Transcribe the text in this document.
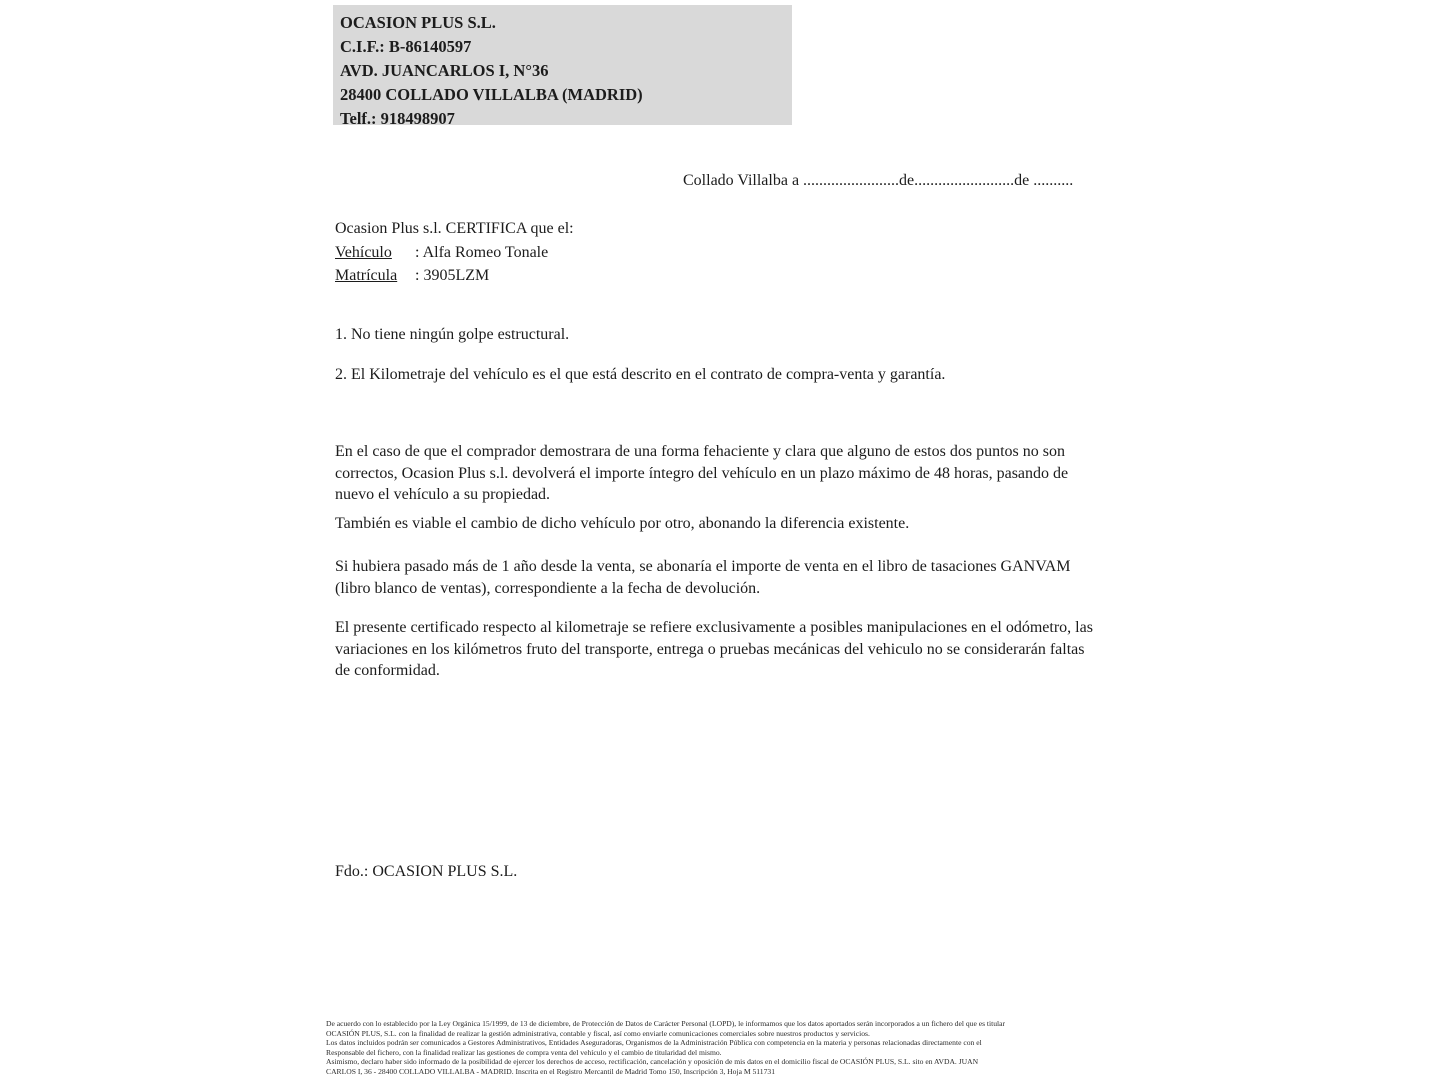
OCASION PLUS S.L.
C.I.F.: B-86140597
AVD. JUANCARLOS I, N°36
28400 COLLADO VILLALBA (MADRID)
Telf.: 918498907
Collado Villalba a ........................de.........................de ..........
Ocasion Plus s.l. CERTIFICA que el:
Vehículo	: Alfa Romeo Tonale
Matrícula	: 3905LZM
1. No tiene ningún golpe estructural.
2. El Kilometraje del vehículo es el que está descrito en el contrato de compra-venta y garantía.
En el caso de que el comprador demostrara de una forma fehaciente y clara que alguno de estos dos puntos no son correctos, Ocasion Plus s.l. devolverá el importe íntegro del vehículo en un plazo máximo de 48 horas, pasando de nuevo el vehículo a su propiedad.
También es viable el cambio de dicho vehículo por otro, abonando la diferencia existente.
Si hubiera pasado más de 1 año desde la venta, se abonaría el importe de venta en el libro de tasaciones GANVAM (libro blanco de ventas), correspondiente a la fecha de devolución.
El presente certificado respecto al kilometraje se refiere exclusivamente a posibles manipulaciones en el odómetro, las variaciones en los kilómetros fruto del transporte, entrega o pruebas mecánicas del vehiculo no se considerarán faltas de conformidad.
Fdo.: OCASION PLUS S.L.
De acuerdo con lo establecido por la Ley Orgánica 15/1999, de 13 de diciembre, de Protección de Datos de Carácter Personal (LOPD), le informamos que los datos aportados serán incorporados a un fichero del que es titular
OCASIÓN PLUS, S.L. con la finalidad de realizar la gestión administrativa, contable y fiscal, así como enviarle comunicaciones comerciales sobre nuestros productos y servicios.
Los datos incluidos podrán ser comunicados a Gestores Administrativos, Entidades Aseguradoras, Organismos de la Administración Pública con competencia en la materia y personas relacionadas directamente con el
Responsable del fichero, con la finalidad realizar las gestiones de compra venta del vehículo y el cambio de titularidad del mismo.
Asimismo, declaro haber sido informado de la posibilidad de ejercer los derechos de acceso, rectificación, cancelación y oposición de mis datos en el domicilio fiscal de OCASIÓN PLUS, S.L. sito en AVDA. JUAN
CARLOS I, 36 - 28400 COLLADO VILLALBA - MADRID. Inscrita en el Registro Mercantil de Madrid Tomo 150, Inscripción 3, Hoja M 511731
